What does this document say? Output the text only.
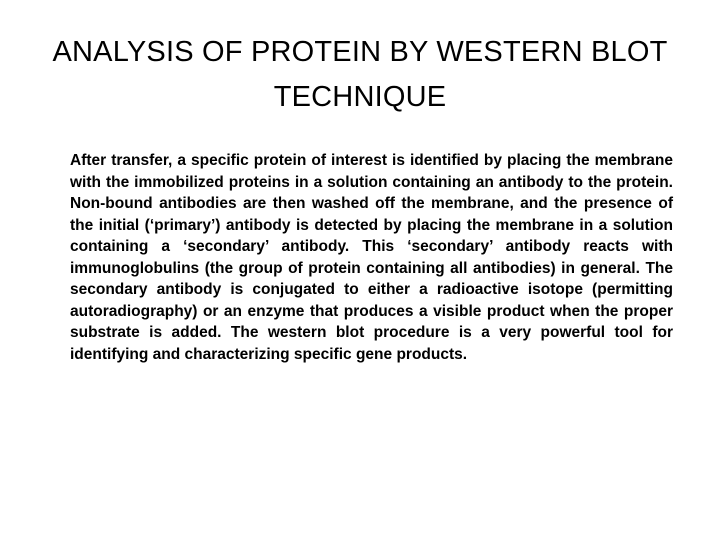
ANALYSIS OF PROTEIN BY WESTERN BLOT TECHNIQUE

After transfer, a specific protein of interest is identified by placing the membrane with the immobilized proteins in a solution containing an antibody to the protein. Non-bound antibodies are then washed off the membrane, and the presence of the initial (‘primary’) antibody is detected by placing the membrane in a solution containing a ‘secondary’ antibody. This ‘secondary’ antibody reacts with immunoglobulins (the group of protein containing all antibodies) in general. The secondary antibody is conjugated to either a radioactive isotope (permitting autoradiography) or an enzyme that produces a visible product when the proper substrate is added. The western blot procedure is a very powerful tool for identifying and characterizing specific gene products.
